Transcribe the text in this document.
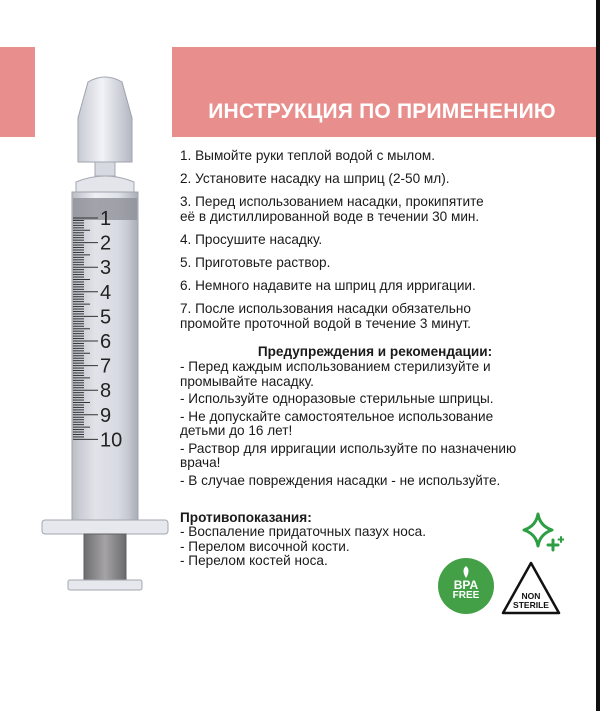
ИНСТРУКЦИЯ ПО ПРИМЕНЕНИЮ
1
2
3
4
5
6
7
8
9
10
1. Вымойте руки теплой водой с мылом.
2. Установите насадку на шприц (2-50 мл).
3. Перед использованием насадки, прокипятите
её в дистиллированной воде в течении 30 мин.
4. Просушите насадку.
5. Приготовьте раствор.
6. Немного надавите на шприц для ирригации.
7. После использования насадки обязательно
промойте проточной водой в течение 3 минут.
Предупреждения и рекомендации:
- Перед каждым использованием стерилизуйте и
промывайте насадку.
- Используйте одноразовые стерильные шприцы.
- Не допускайте самостоятельное использование
детьми до 16 лет!
- Раствор для ирригации используйте по назначению
врача!
- В случае повреждения насадки - не используйте.
Противопоказания:
- Воспаление придаточных пазух носа.
- Перелом височной кости.
- Перелом костей носа.
BPA
FREE	NON
STERILE
